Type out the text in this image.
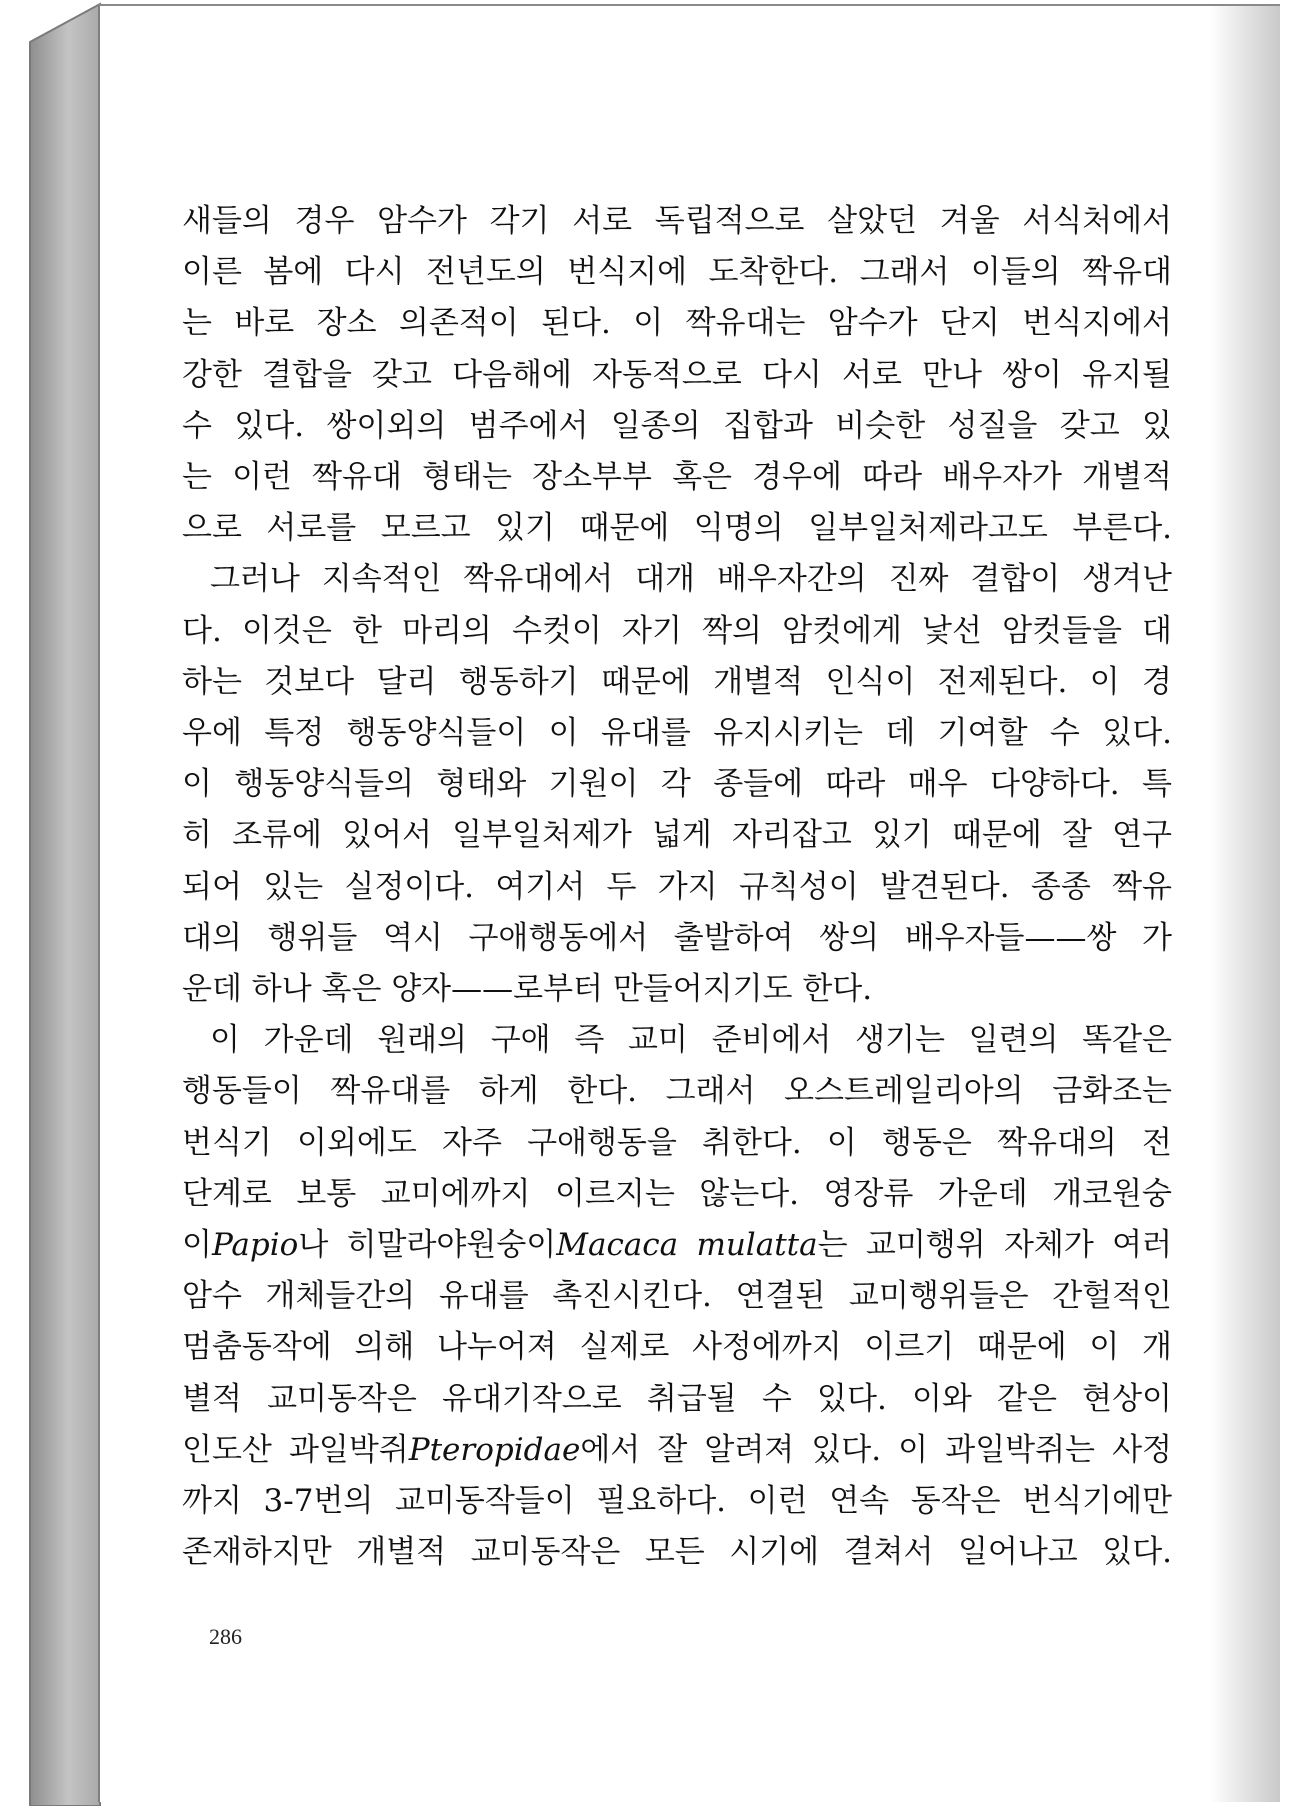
새들의 경우 암수가 각기 서로 독립적으로 살았던 겨울 서식처에서
이른 봄에 다시 전년도의 번식지에 도착한다. 그래서 이들의 짝유대
는 바로 장소 의존적이 된다. 이 짝유대는 암수가 단지 번식지에서
강한 결합을 갖고 다음해에 자동적으로 다시 서로 만나 쌍이 유지될
수 있다. 쌍이외의 범주에서 일종의 집합과 비슷한 성질을 갖고 있
는 이런 짝유대 형태는 장소부부 혹은 경우에 따라 배우자가 개별적
으로 서로를 모르고 있기 때문에 익명의 일부일처제라고도 부른다.

그러나 지속적인 짝유대에서 대개 배우자간의 진짜 결합이 생겨난
다. 이것은 한 마리의 수컷이 자기 짝의 암컷에게 낯선 암컷들을 대
하는 것보다 달리 행동하기 때문에 개별적 인식이 전제된다. 이 경
우에 특정 행동양식들이 이 유대를 유지시키는 데 기여할 수 있다.
이 행동양식들의 형태와 기원이 각 종들에 따라 매우 다양하다. 특
히 조류에 있어서 일부일처제가 넓게 자리잡고 있기 때문에 잘 연구
되어 있는 실정이다. 여기서 두 가지 규칙성이 발견된다. 종종 짝유
대의 행위들 역시 구애행동에서 출발하여 쌍의 배우자들——쌍 가
운데 하나 혹은 양자——로부터 만들어지기도 한다.

이 가운데 원래의 구애 즉 교미 준비에서 생기는 일련의 똑같은
행동들이 짝유대를 하게 한다. 그래서 오스트레일리아의 금화조는
번식기 이외에도 자주 구애행동을 취한다. 이 행동은 짝유대의 전
단계로 보통 교미에까지 이르지는 않는다. 영장류 가운데 개코원숭
이Papio나 히말라야원숭이Macaca mulatta는 교미행위 자체가 여러
암수 개체들간의 유대를 촉진시킨다. 연결된 교미행위들은 간헐적인
멈춤동작에 의해 나누어져 실제로 사정에까지 이르기 때문에 이 개
별적 교미동작은 유대기작으로 취급될 수 있다. 이와 같은 현상이
인도산 과일박쥐Pteropidae에서 잘 알려져 있다. 이 과일박쥐는 사정
까지 3-7번의 교미동작들이 필요하다. 이런 연속 동작은 번식기에만
존재하지만 개별적 교미동작은 모든 시기에 결쳐서 일어나고 있다.

286
